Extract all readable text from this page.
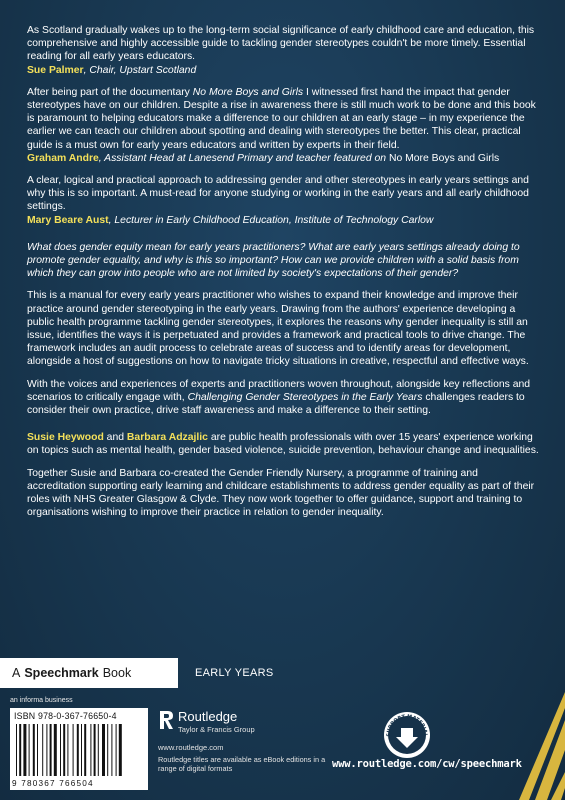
As Scotland gradually wakes up to the long-term social significance of early childhood care and education, this comprehensive and highly accessible guide to tackling gender stereotypes couldn't be more timely. Essential reading for all early years educators.
Sue Palmer, Chair, Upstart Scotland

After being part of the documentary No More Boys and Girls I witnessed first hand the impact that gender stereotypes have on our children. Despite a rise in awareness there is still much work to be done and this book is paramount to helping educators make a difference to our children at an early stage – in my experience the earlier we can teach our children about spotting and dealing with stereotypes the better. This clear, practical guide is a must own for early years educators and written by experts in their field.
Graham Andre, Assistant Head at Lanesend Primary and teacher featured on No More Boys and Girls

A clear, logical and practical approach to addressing gender and other stereotypes in early years settings and why this is so important. A must-read for anyone studying or working in the early years and all early childhood settings.
Mary Beare Aust, Lecturer in Early Childhood Education, Institute of Technology Carlow

What does gender equity mean for early years practitioners? What are early years settings already doing to promote gender equality, and why is this so important? How can we provide children with a solid basis from which they can grow into people who are not limited by society's expectations of their gender?

This is a manual for every early years practitioner who wishes to expand their knowledge and improve their practice around gender stereotyping in the early years. Drawing from the authors' experience developing a public health programme tackling gender stereotypes, it explores the reasons why gender inequality is still an issue, identifies the ways it is perpetuated and provides a framework and practical tools to drive change. The framework includes an audit process to celebrate areas of success and to identify areas for development, alongside a host of suggestions on how to navigate tricky situations in creative, respectful and effective ways.

With the voices and experiences of experts and practitioners woven throughout, alongside key reflections and scenarios to critically engage with, Challenging Gender Stereotypes in the Early Years challenges readers to consider their own practice, drive staff awareness and make a difference to their setting.

Susie Heywood and Barbara Adzajlic are public health professionals with over 15 years' experience working on topics such as mental health, gender based violence, suicide prevention, behaviour change and inequalities.

Together Susie and Barbara co-created the Gender Friendly Nursery, a programme of training and accreditation supporting early learning and childcare establishments to address gender equality as part of their roles with NHS Greater Glasgow & Clyde. They now work together to offer guidance, support and training to organisations wishing to improve their practice in relation to gender inequality.

A Speechmark Book	EARLY YEARS
an informa business
ISBN 978-0-367-76650-4
9 780367 766504
Routledge
Taylor & Francis Group
www.routledge.com
Routledge titles are available as eBook editions in a range of digital formats
SUPPORT MATERIAL
www.routledge.com/cw/speechmark
